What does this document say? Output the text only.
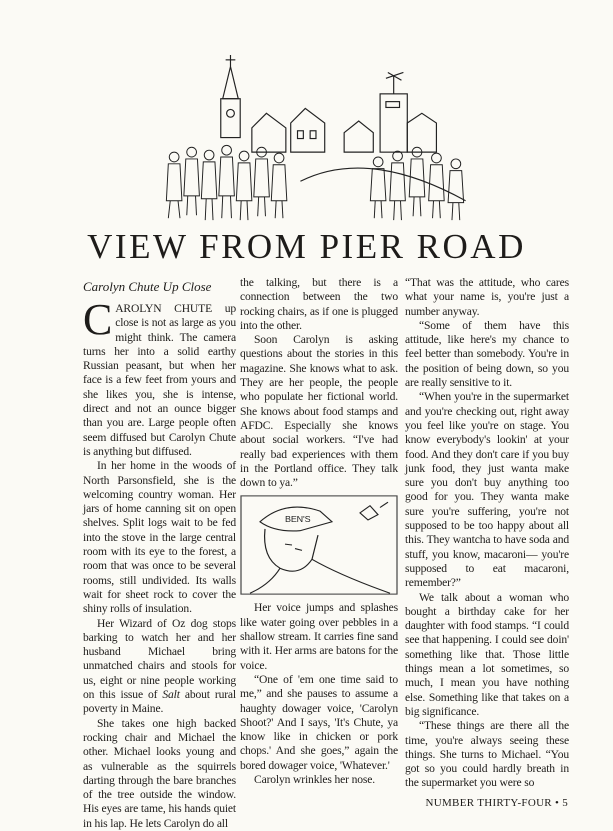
VIEW FROM PIER ROAD
Carolyn Chute Up Close

CAROLYN CHUTE up close is not as large as you might think. The camera turns her into a solid earthy Russian peasant, but when her face is a few feet from yours and she likes you, she is intense, direct and not an ounce bigger than you are. Large people often seem diffused but Carolyn Chute is anything but diffused.

In her home in the woods of North Parsonsfield, she is the welcoming country woman. Her jars of home canning sit on open shelves. Split logs wait to be fed into the stove in the large central room with its eye to the forest, a room that was once to be several rooms, still undivided. Its walls wait for sheet rock to cover the shiny rolls of insulation.

Her Wizard of Oz dog stops barking to watch her and her husband Michael bring unmatched chairs and stools for us, eight or nine people working on this issue of Salt about rural poverty in Maine.

She takes one high backed rocking chair and Michael the other. Michael looks young and as vulnerable as the squirrels darting through the bare branches of the tree outside the window. His eyes are tame, his hands quiet in his lap. He lets Carolyn do all

the talking, but there is a connection between the two rocking chairs, as if one is plugged into the other.

Soon Carolyn is asking questions about the stories in this magazine. She knows what to ask. They are her people, the people who populate her fictional world. She knows about food stamps and AFDC. Especially she knows about social workers. “I've had really bad experiences with them in the Portland office. They talk down to ya.”

BEN'S

Her voice jumps and splashes like water going over pebbles in a shallow stream. It carries fine sand with it. Her arms are batons for the voice.

“One of 'em one time said to me,” and she pauses to assume a haughty dowager voice, 'Carolyn Shoot?' And I says, 'It's Chute, ya know like in chicken or pork chops.' And she goes,” again the bored dowager voice, 'Whatever.'

Carolyn wrinkles her nose.

“That was the attitude, who cares what your name is, you're just a number anyway.

“Some of them have this attitude, like here's my chance to feel better than somebody. You're in the position of being down, so you are really sensitive to it.

“When you're in the supermarket and you're checking out, right away you feel like you're on stage. You know everybody's lookin' at your food. And they don't care if you buy junk food, they just wanta make sure you don't buy anything too good for you. They wanta make sure you're suffering, you're not supposed to be too happy about all this. They wantcha to have soda and stuff, you know, macaroni— you're supposed to eat macaroni, remember?”

We talk about a woman who bought a birthday cake for her daughter with food stamps. “I could see that happening. I could see doin' something like that. Those little things mean a lot sometimes, so much, I mean you have nothing else. Something like that takes on a big significance.

“These things are there all the time, you're always seeing these things. She turns to Michael. “You got so you could hardly breath in the supermarket you were so

NUMBER THIRTY-FOUR • 5
